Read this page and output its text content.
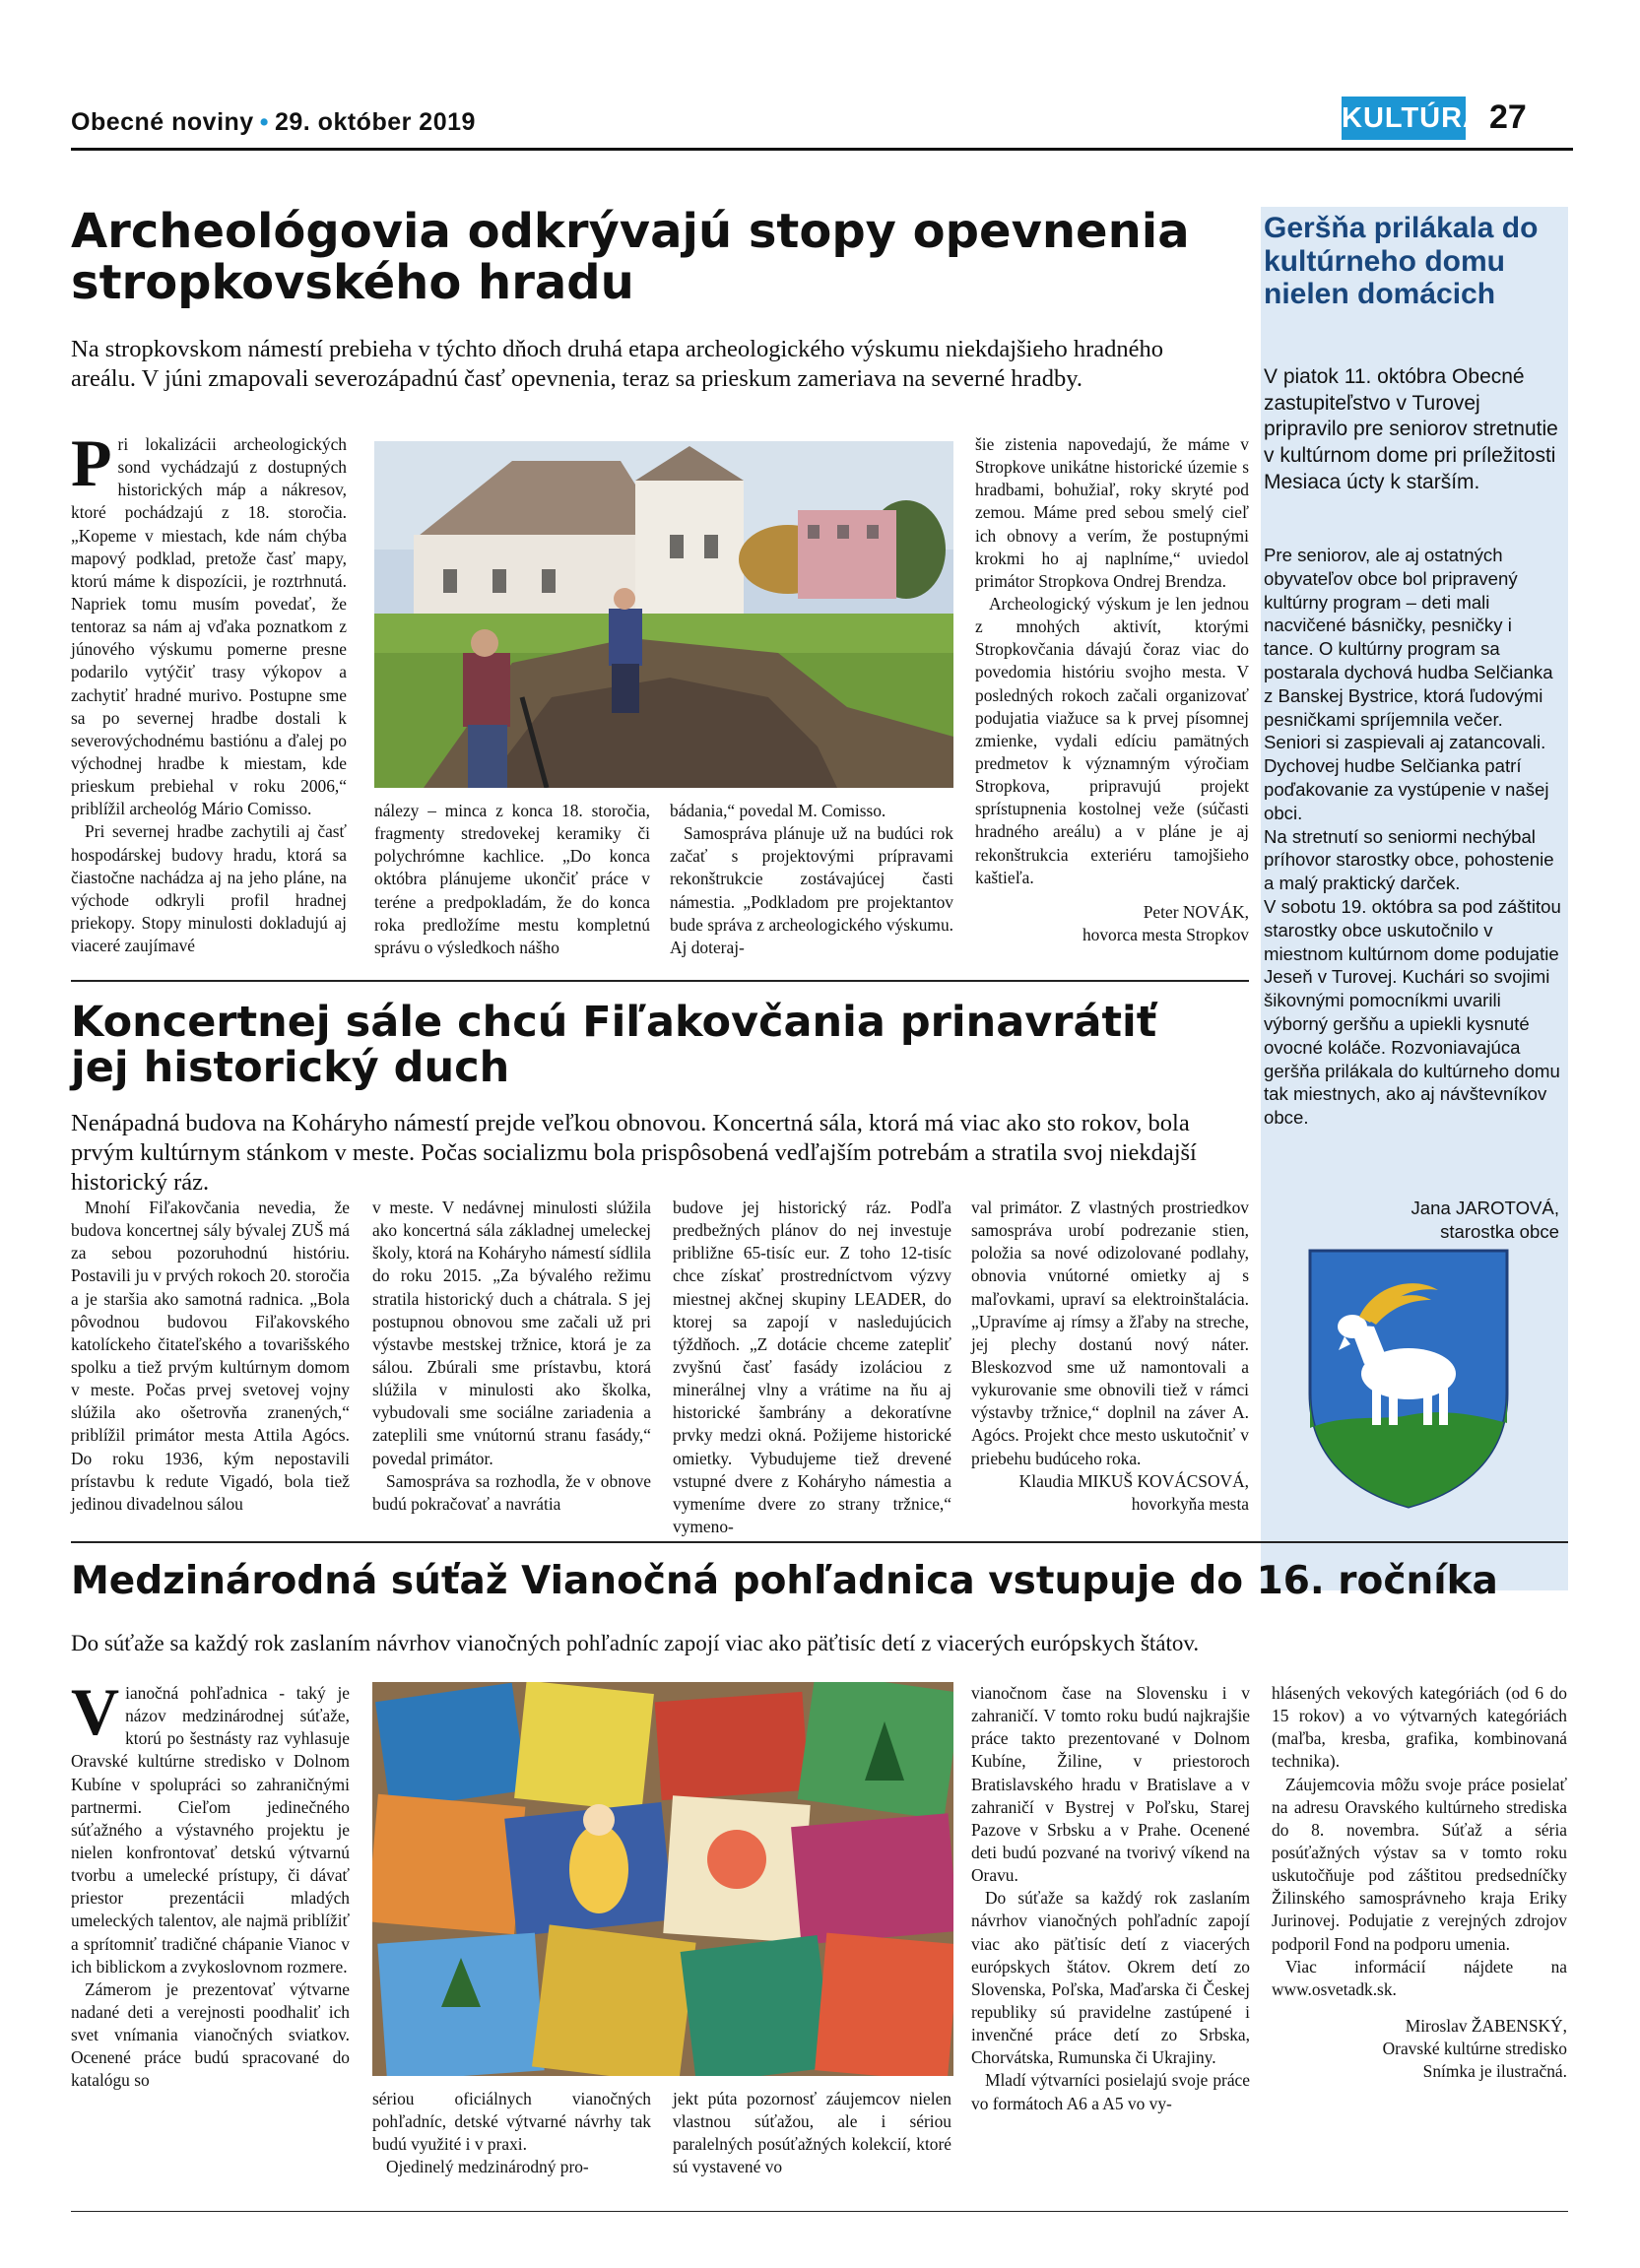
Obecné noviny • 29. október 2019	KULTÚRA 27
Archeológovia odkrývajú stopy opevnenia
stropkovského hradu

Na stropkovskom námestí prebieha v týchto dňoch druhá etapa archeologického výskumu niekdajšieho hradného areálu. V júni zmapovali severozápadnú časť opevnenia, teraz sa prieskum zameriava na severné hradby.

Pri lokalizácii archeologických sond vychádzajú z dostupných historických máp a nákresov, ktoré pochádzajú z 18. storočia. „Kopeme v miestach, kde nám chýba mapový podklad, pretože časť mapy, ktorú máme k dispozícii, je roztrhnutá. Napriek tomu musím povedať, že tentoraz sa nám aj vďaka poznatkom z júnového výskumu pomerne presne podarilo vytýčiť trasy výkopov a zachytiť hradné murivo. Postupne sme sa po severnej hradbe dostali k severovýchodnému bastiónu a ďalej po východnej hradbe k miestam, kde prieskum prebiehal v roku 2006,“ priblížil archeológ Mário Comisso.

Pri severnej hradbe zachytili aj časť hospodárskej budovy hradu, ktorá sa čiastočne nachádza aj na jeho pláne, na východe odkryli profil hradnej priekopy. Stopy minulosti dokladujú aj viaceré zaujímavé

nálezy – minca z konca 18. storočia, fragmenty stredovekej keramiky či polychrómne kachlice. „Do konca októbra plánujeme ukončiť práce v teréne a predpokladám, že do konca roka predložíme mestu kompletnú správu o výsledkoch nášho

bádania,“ povedal M. Comisso.

Samospráva plánuje už na budúci rok začať s projektovými prípravami rekonštrukcie zostávajúcej časti námestia. „Podkladom pre projektantov bude správa z archeologického výskumu. Aj doteraj-

šie zistenia napovedajú, že máme v Stropkove unikátne historické územie s hradbami, bohužiaľ, roky skryté pod zemou. Máme pred sebou smelý cieľ ich obnovy a verím, že postupnými krokmi ho aj naplníme,“ uviedol primátor Stropkova Ondrej Brendza.

Archeologický výskum je len jednou z mnohých aktivít, ktorými Stropkovčania dávajú čoraz viac do povedomia históriu svojho mesta. V posledných rokoch začali organizovať podujatia viažuce sa k prvej písomnej zmienke, vydali edíciu pamätných predmetov k významným výročiam Stropkova, pripravujú projekt sprístupnenia kostolnej veže (súčasti hradného areálu) a v pláne je aj rekonštrukcia exteriéru tamojšieho kaštieľa.

Peter NOVÁK,

hovorca mesta Stropkov

Koncertnej sále chcú Fiľakovčania prinavrátiť
jej historický duch

Nenápadná budova na Koháryho námestí prejde veľkou obnovou. Koncertná sála, ktorá má viac ako sto rokov, bola prvým kultúrnym stánkom v meste. Počas socializmu bola prispôsobená vedľajším potrebám a stratila svoj niekdajší historický ráz.

Mnohí Fiľakovčania nevedia, že budova koncertnej sály bývalej ZUŠ má za sebou pozoruhodnú históriu. Postavili ju v prvých rokoch 20. storočia a je staršia ako samotná radnica. „Bola pôvodnou budovou Fiľakovského katolíckeho čitateľského a tovarišského spolku a tiež prvým kultúrnym domom v meste. Počas prvej svetovej vojny slúžila ako ošetrovňa zranených,“ priblížil primátor mesta Attila Agócs. Do roku 1936, kým nepostavili prístavbu k redute Vigadó, bola tiež jedinou divadelnou sálou

v meste. V nedávnej minulosti slúžila ako koncertná sála základnej umeleckej školy, ktorá na Koháryho námestí sídlila do roku 2015. „Za bývalého režimu stratila historický duch a chátrala. S jej postupnou obnovou sme začali už pri výstavbe mestskej tržnice, ktorá je za sálou. Zbúrali sme prístavbu, ktorá slúžila v minulosti ako školka, vybudovali sme sociálne zariadenia a zateplili sme vnútornú stranu fasády,“ povedal primátor.

Samospráva sa rozhodla, že v obnove budú pokračovať a navrátia

budove jej historický ráz. Podľa predbežných plánov do nej investuje približne 65-tisíc eur. Z toho 12-tisíc chce získať prostredníctvom výzvy miestnej akčnej skupiny LEADER, do ktorej sa zapojí v nasledujúcich týždňoch. „Z dotácie chceme zatepliť zvyšnú časť fasády izoláciou z minerálnej vlny a vrátime na ňu aj historické šambrány a dekoratívne prvky medzi okná. Požijeme historické omietky. Vybudujeme tiež drevené vstupné dvere z Koháryho námestia a vymeníme dvere zo strany tržnice,“ vymeno-

val primátor. Z vlastných prostriedkov samospráva urobí podrezanie stien, položia sa nové odizolované podlahy, obnovia vnútorné omietky aj s maľovkami, upraví sa elektroinštalácia. „Upravíme aj rímsy a žľaby na streche, jej plechy dostanú nový náter. Bleskozvod sme už namontovali a vykurovanie sme obnovili tiež v rámci výstavby tržnice,“ doplnil na záver A. Agócs. Projekt chce mesto uskutočniť v priebehu budúceho roka.

Klaudia MIKUŠ KOVÁCSOVÁ,

hovorkyňa mesta

Geršňa prilákala do kultúrneho domu nielen domácich
V piatok 11. októbra Obecné zastupiteľstvo v Turovej pripravilo pre seniorov stretnutie v kultúrnom dome pri príležitosti Mesiaca úcty k starším.

Pre seniorov, ale aj ostatných obyvateľov obce bol pripravený kultúrny program – deti mali nacvičené básničky, pesničky i tance. O kultúrny program sa postarala dychová hudba Selčianka z Banskej Bystrice, ktorá ľudovými pesničkami spríjemnila večer. Seniori si zaspievali aj zatancovali. Dychovej hudbe Selčianka patrí poďakovanie za vystúpenie v našej obci.

Na stretnutí so seniormi nechýbal príhovor starostky obce, pohostenie a malý praktický darček.

V sobotu 19. októbra sa pod záštitou starostky obce uskutočnilo v miestnom kultúrnom dome podujatie Jeseň v Turovej. Kuchári so svojimi šikovnými pomocníkmi uvarili výborný geršňu a upiekli kysnuté ovocné koláče. Rozvoniavajúca geršňa prilákala do kultúrneho domu tak miestnych, ako aj návštevníkov obce.

Jana JAROTOVÁ,
starostka obce
Medzinárodná súťaž Vianočná pohľadnica vstupuje do 16. ročníka

Do súťaže sa každý rok zaslaním návrhov vianočných pohľadníc zapojí viac ako päťtisíc detí z viacerých európskych štátov.

Vianočná pohľadnica - taký je názov medzinárodnej súťaže, ktorú po šestnásty raz vyhlasuje Oravské kultúrne stredisko v Dolnom Kubíne v spolupráci so zahraničnými partnermi. Cieľom jedinečného súťažného a výstavného projektu je nielen konfrontovať detskú výtvarnú tvorbu a umelecké prístupy, či dávať priestor prezentácii mladých umeleckých talentov, ale najmä priblížiť a sprítomniť tradičné chápanie Vianoc v ich biblickom a zvykoslovnom rozmere.

Zámerom je prezentovať výtvarne nadané deti a verejnosti poodhaliť ich svet vnímania vianočných sviatkov. Ocenené práce budú spracované do katalógu so

sériou oficiálnych vianočných pohľadníc, detské výtvarné návrhy tak budú využité i v praxi.

Ojedinelý medzinárodný pro-

jekt púta pozornosť záujemcov nielen vlastnou súťažou, ale i sériou paralelných posúťažných kolekcií, ktoré sú vystavené vo

vianočnom čase na Slovensku i v zahraničí. V tomto roku budú najkrajšie práce takto prezentované v Dolnom Kubíne, Žiline, v priestoroch Bratislavského hradu v Bratislave a v zahraničí v Bystrej v Poľsku, Starej Pazove v Srbsku a v Prahe. Ocenené deti budú pozvané na tvorivý víkend na Oravu.

Do súťaže sa každý rok zaslaním návrhov vianočných pohľadníc zapojí viac ako päťtisíc detí z viacerých európskych štátov. Okrem detí zo Slovenska, Poľska, Maďarska či Českej republiky sú pravidelne zastúpené i invenčné práce detí zo Srbska, Chorvátska, Rumunska či Ukrajiny.

Mladí výtvarníci posielajú svoje práce vo formátoch A6 a A5 vo vy-

hlásených vekových kategóriách (od 6 do 15 rokov) a vo výtvarných kategóriách (maľba, kresba, grafika, kombinovaná technika).

Záujemcovia môžu svoje práce posielať na adresu Oravského kultúrneho strediska do 8. novembra. Súťaž a séria posúťažných výstav sa v tomto roku uskutočňuje pod záštitou predsedníčky Žilinského samosprávneho kraja Eriky Jurinovej. Podujatie z verejných zdrojov podporil Fond na podporu umenia.

Viac informácií nájdete na www.osvetadk.sk.

Miroslav ŽABENSKÝ,

Oravské kultúrne stredisko

Snímka je ilustračná.
